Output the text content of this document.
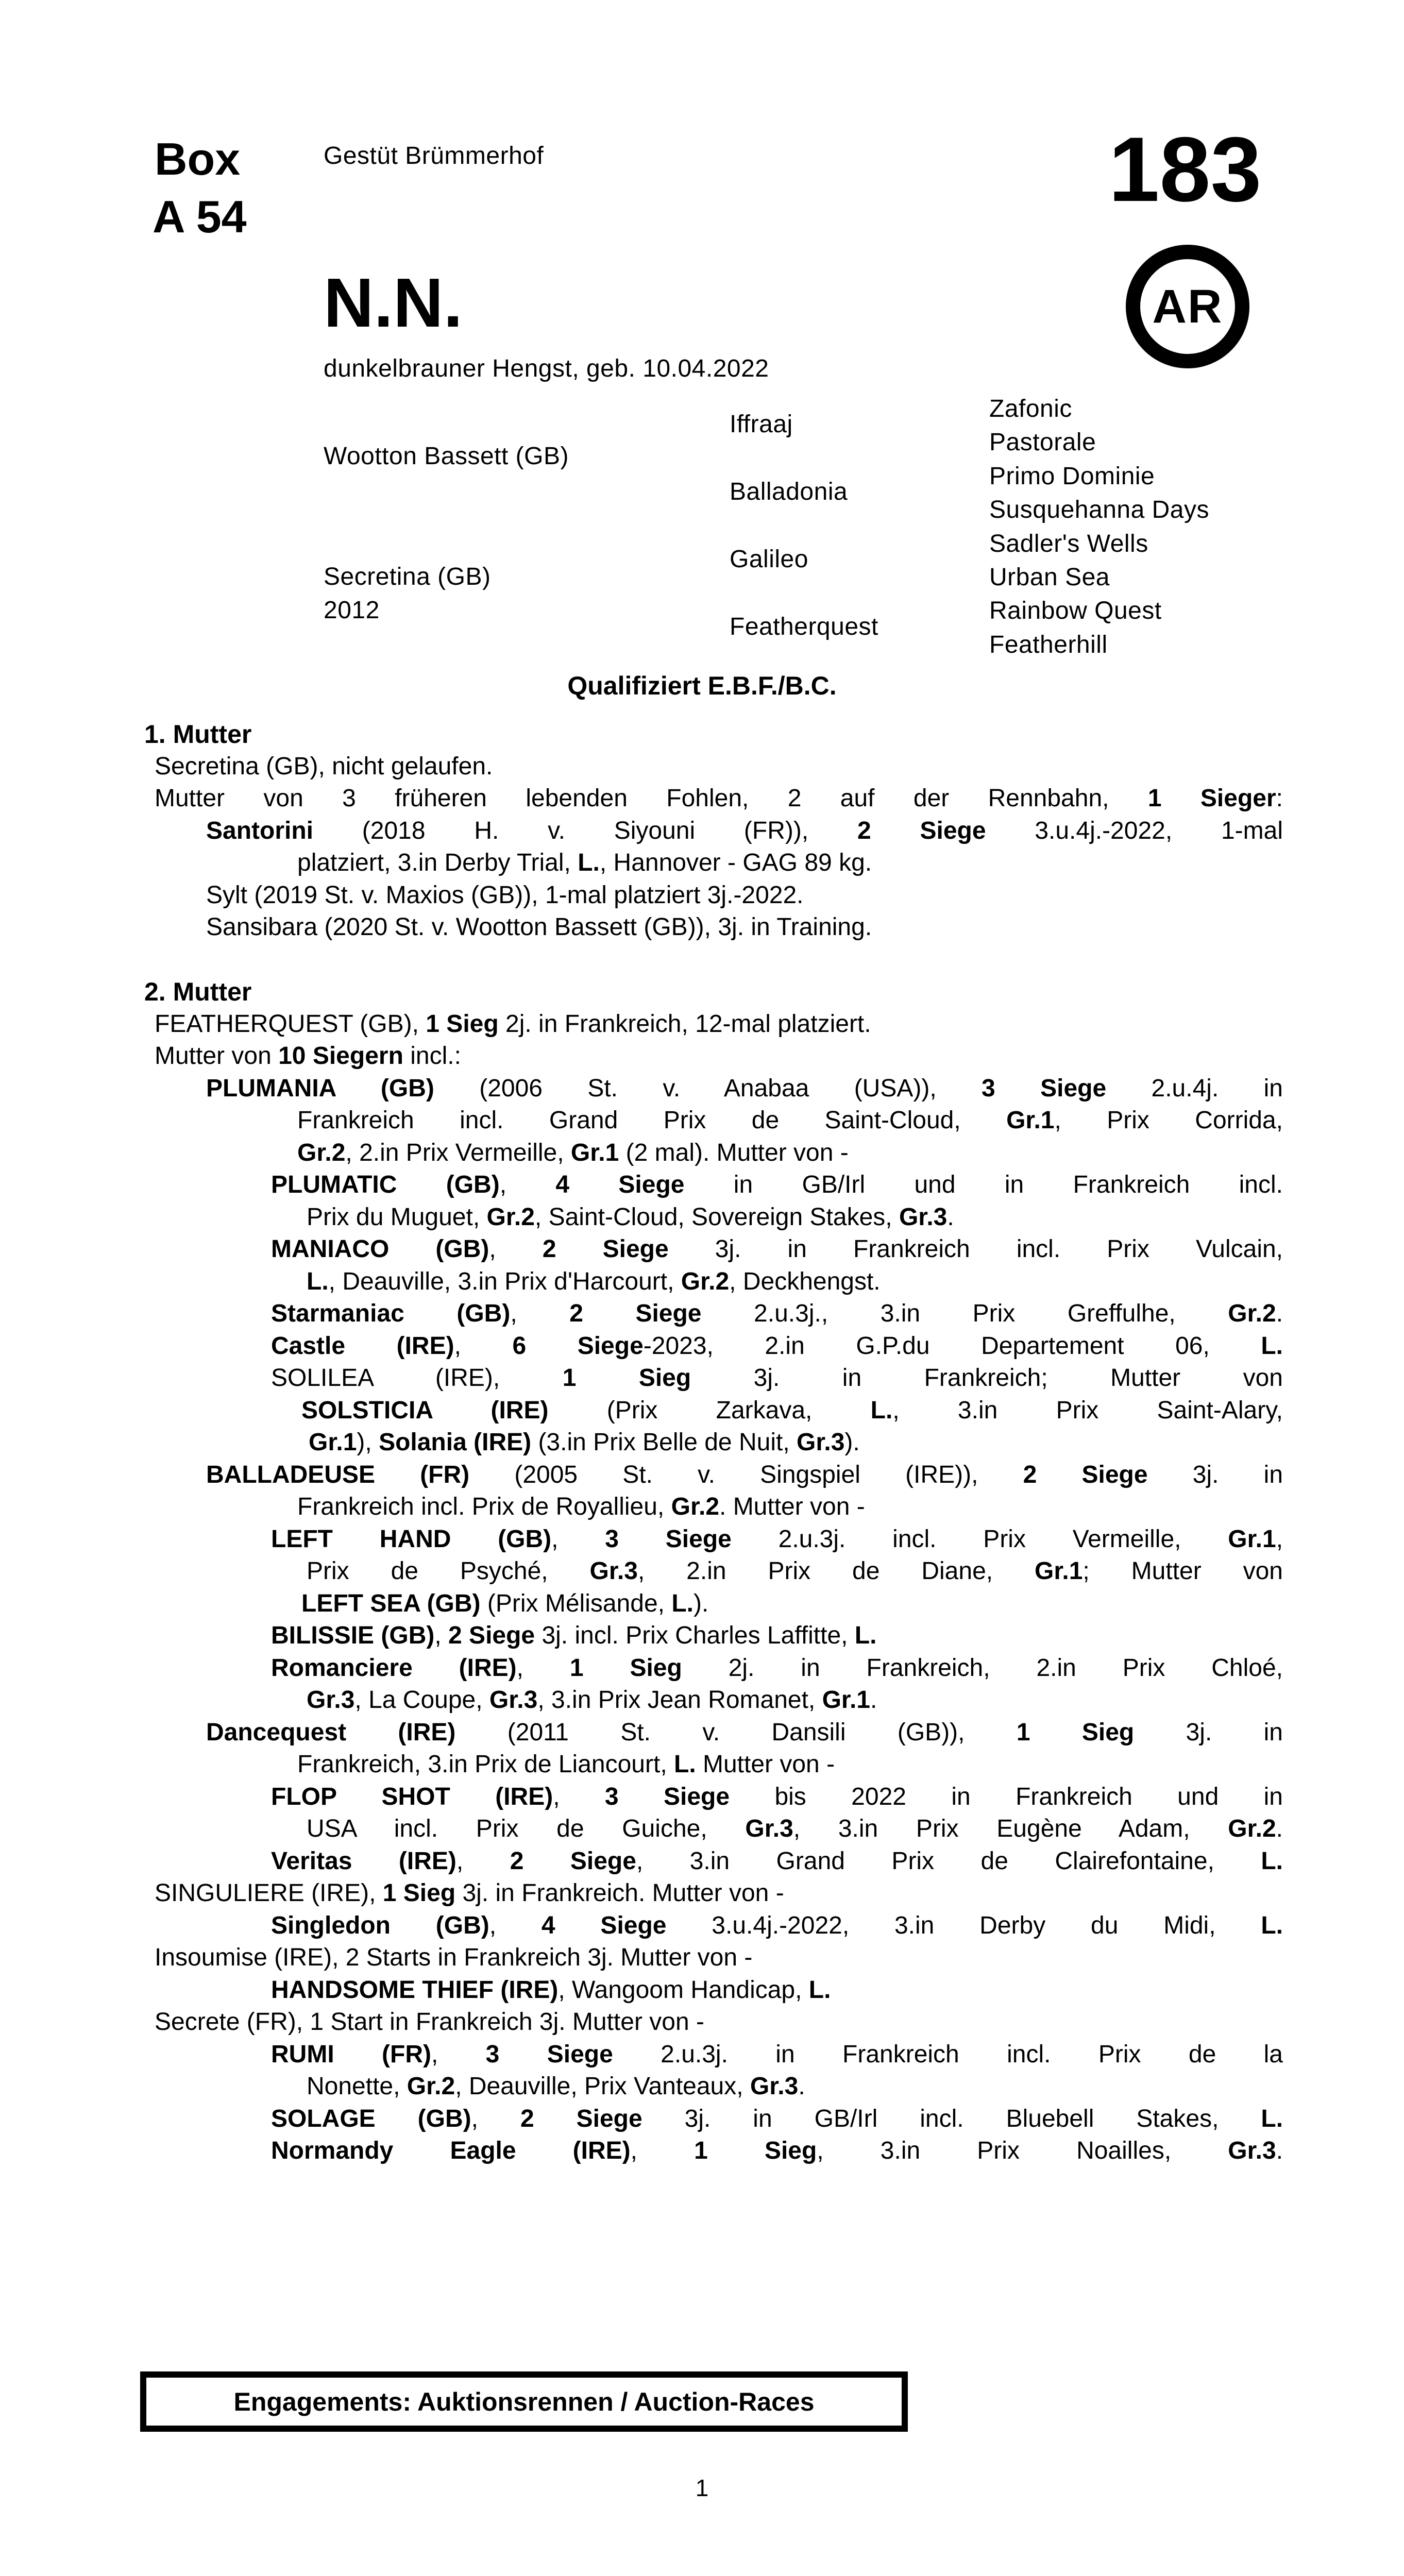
Box
A 54
Gestüt Brümmerhof	183
N.N.
dunkelbrauner Hengst, geb. 10.04.2022
AR
Wootton Bassett (GB)
Secretina (GB)
2012
Iffraaj
Balladonia
Galileo
Featherquest
Zafonic
Pastorale
Primo Dominie
Susquehanna Days
Sadler's Wells
Urban Sea
Rainbow Quest
Featherhill
Qualifiziert E.B.F./B.C.
1. Mutter
Secretina (GB), nicht gelaufen.
Mutter von 3 früheren lebenden Fohlen, 2 auf der Rennbahn, 1 Sieger:
Santorini (2018 H. v. Siyouni (FR)), 2 Siege 3.u.4j.-2022, 1-mal
platziert, 3.in Derby Trial, L., Hannover - GAG 89 kg.
Sylt (2019 St. v. Maxios (GB)), 1-mal platziert 3j.-2022.
Sansibara (2020 St. v. Wootton Bassett (GB)), 3j. in Training.
2. Mutter
FEATHERQUEST (GB), 1 Sieg 2j. in Frankreich, 12-mal platziert.
Mutter von 10 Siegern incl.:
PLUMANIA (GB) (2006 St. v. Anabaa (USA)), 3 Siege 2.u.4j. in
Frankreich incl. Grand Prix de Saint-Cloud, Gr.1, Prix Corrida,
Gr.2, 2.in Prix Vermeille, Gr.1 (2 mal). Mutter von -
PLUMATIC (GB), 4 Siege in GB/Irl und in Frankreich incl.
Prix du Muguet, Gr.2, Saint-Cloud, Sovereign Stakes, Gr.3.
MANIACO (GB), 2 Siege 3j. in Frankreich incl. Prix Vulcain,
L., Deauville, 3.in Prix d'Harcourt, Gr.2, Deckhengst.
Starmaniac (GB), 2 Siege 2.u.3j., 3.in Prix Greffulhe, Gr.2.
Castle (IRE), 6 Siege-2023, 2.in G.P.du Departement 06, L.
SOLILEA (IRE), 1 Sieg 3j. in Frankreich; Mutter von
SOLSTICIA (IRE) (Prix Zarkava, L., 3.in Prix Saint-Alary,
Gr.1), Solania (IRE) (3.in Prix Belle de Nuit, Gr.3).
BALLADEUSE (FR) (2005 St. v. Singspiel (IRE)), 2 Siege 3j. in
Frankreich incl. Prix de Royallieu, Gr.2. Mutter von -
LEFT HAND (GB), 3 Siege 2.u.3j. incl. Prix Vermeille, Gr.1,
Prix de Psyché, Gr.3, 2.in Prix de Diane, Gr.1; Mutter von
LEFT SEA (GB) (Prix Mélisande, L.).
BILISSIE (GB), 2 Siege 3j. incl. Prix Charles Laffitte, L.
Romanciere (IRE), 1 Sieg 2j. in Frankreich, 2.in Prix Chloé,
Gr.3, La Coupe, Gr.3, 3.in Prix Jean Romanet, Gr.1.
Dancequest (IRE) (2011 St. v. Dansili (GB)), 1 Sieg 3j. in
Frankreich, 3.in Prix de Liancourt, L. Mutter von -
FLOP SHOT (IRE), 3 Siege bis 2022 in Frankreich und in
USA incl. Prix de Guiche, Gr.3, 3.in Prix Eugène Adam, Gr.2.
Veritas (IRE), 2 Siege, 3.in Grand Prix de Clairefontaine, L.
SINGULIERE (IRE), 1 Sieg 3j. in Frankreich. Mutter von -
Singledon (GB), 4 Siege 3.u.4j.-2022, 3.in Derby du Midi, L.
Insoumise (IRE), 2 Starts in Frankreich 3j. Mutter von -
HANDSOME THIEF (IRE), Wangoom Handicap, L.
Secrete (FR), 1 Start in Frankreich 3j. Mutter von -
RUMI (FR), 3 Siege 2.u.3j. in Frankreich incl. Prix de la
Nonette, Gr.2, Deauville, Prix Vanteaux, Gr.3.
SOLAGE (GB), 2 Siege 3j. in GB/Irl incl. Bluebell Stakes, L.
Normandy Eagle (IRE), 1 Sieg, 3.in Prix Noailles, Gr.3.
Engagements: Auktionsrennen / Auction-Races
1
